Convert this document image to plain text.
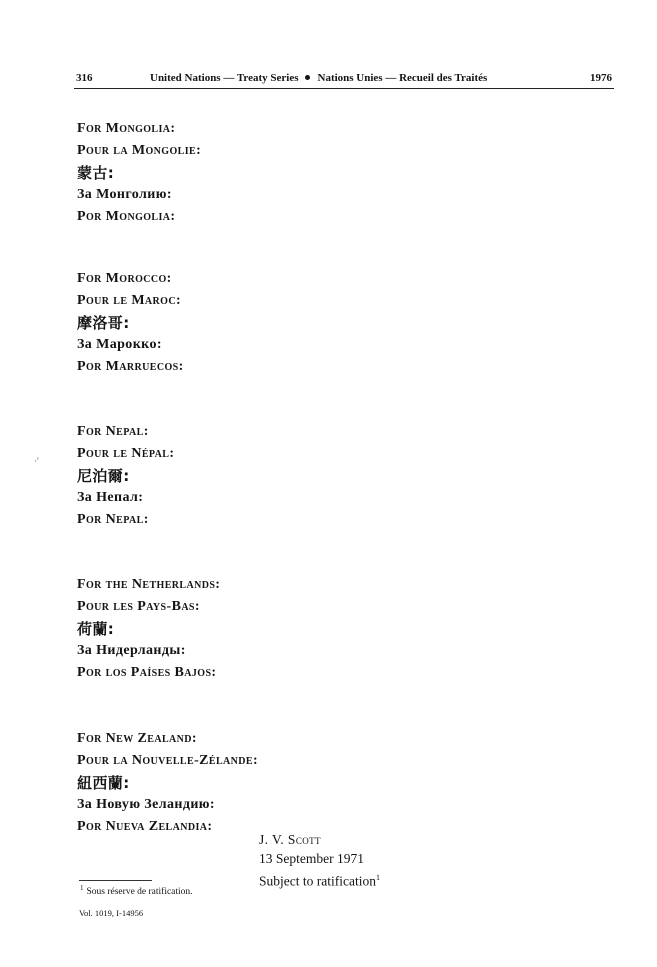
316	United Nations — Treaty Series Nations Unies — Recueil des Traités	1976
For Mongolia:
Pour la Mongolie:
蒙古:
За Монголию:
Por Mongolia:
For Morocco:
Pour le Maroc:
摩洛哥:
За Марокко:
Por Marruecos:
For Nepal:
Pour le Népal:
尼泊爾:
За Непал:
Por Nepal:
For the Netherlands:
Pour les Pays-Bas:
荷蘭:
За Нидерланды:
Por los Países Bajos:
For New Zealand:
Pour la Nouvelle-Zélande:
紐西蘭:
За Новую Зеландию:
Por Nueva Zelandia:
J. V. Scott
13 September 1971
Subject to ratification$^1$
$^1$ Sous réserve de ratification.
Vol. 1019, I-14956
·′
